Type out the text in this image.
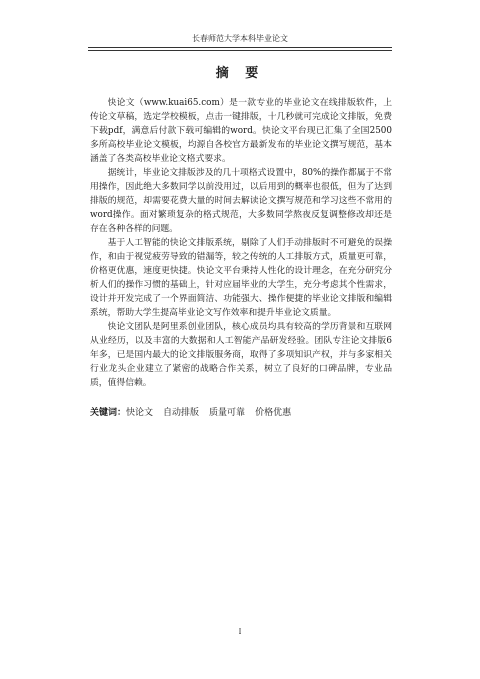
长春师范大学本科毕业论文
摘 要

快论文（www.kuai65.com）是一款专业的毕业论文在线排版软件，上传论文草稿，选定学校模板，点击一键排版，十几秒就可完成论文排版，免费下载pdf，满意后付款下载可编辑的word。快论文平台现已汇集了全国2500多所高校毕业论文模板，均源自各校官方最新发布的毕业论文撰写规范，基本涵盖了各类高校毕业论文格式要求。

据统计，毕业论文排版涉及的几十项格式设置中，80%的操作都属于不常用操作，因此绝大多数同学以前没用过，以后用到的概率也很低，但为了达到排版的规范，却需要花费大量的时间去解读论文撰写规范和学习这些不常用的word操作。面对繁琐复杂的格式规范，大多数同学熬夜反复调整修改却还是存在各种各样的问题。

基于人工智能的快论文排版系统，剔除了人们手动排版时不可避免的误操作，和由于视觉疲劳导致的错漏等，较之传统的人工排版方式，质量更可靠，价格更优惠，速度更快捷。快论文平台秉持人性化的设计理念，在充分研究分析人们的操作习惯的基础上，针对应届毕业的大学生，充分考虑其个性需求，设计并开发完成了一个界面简洁、功能强大、操作便捷的毕业论文排版和编辑系统，帮助大学生提高毕业论文写作效率和提升毕业论文质量。

快论文团队是阿里系创业团队，核心成员均具有较高的学历背景和互联网从业经历，以及丰富的大数据和人工智能产品研发经验。团队专注论文排版6年多，已是国内最大的论文排版服务商，取得了多项知识产权，并与多家相关行业龙头企业建立了紧密的战略合作关系，树立了良好的口碑品牌，专业品质，值得信赖。

关键词：快论文 自动排版 质量可靠 价格优惠

I
